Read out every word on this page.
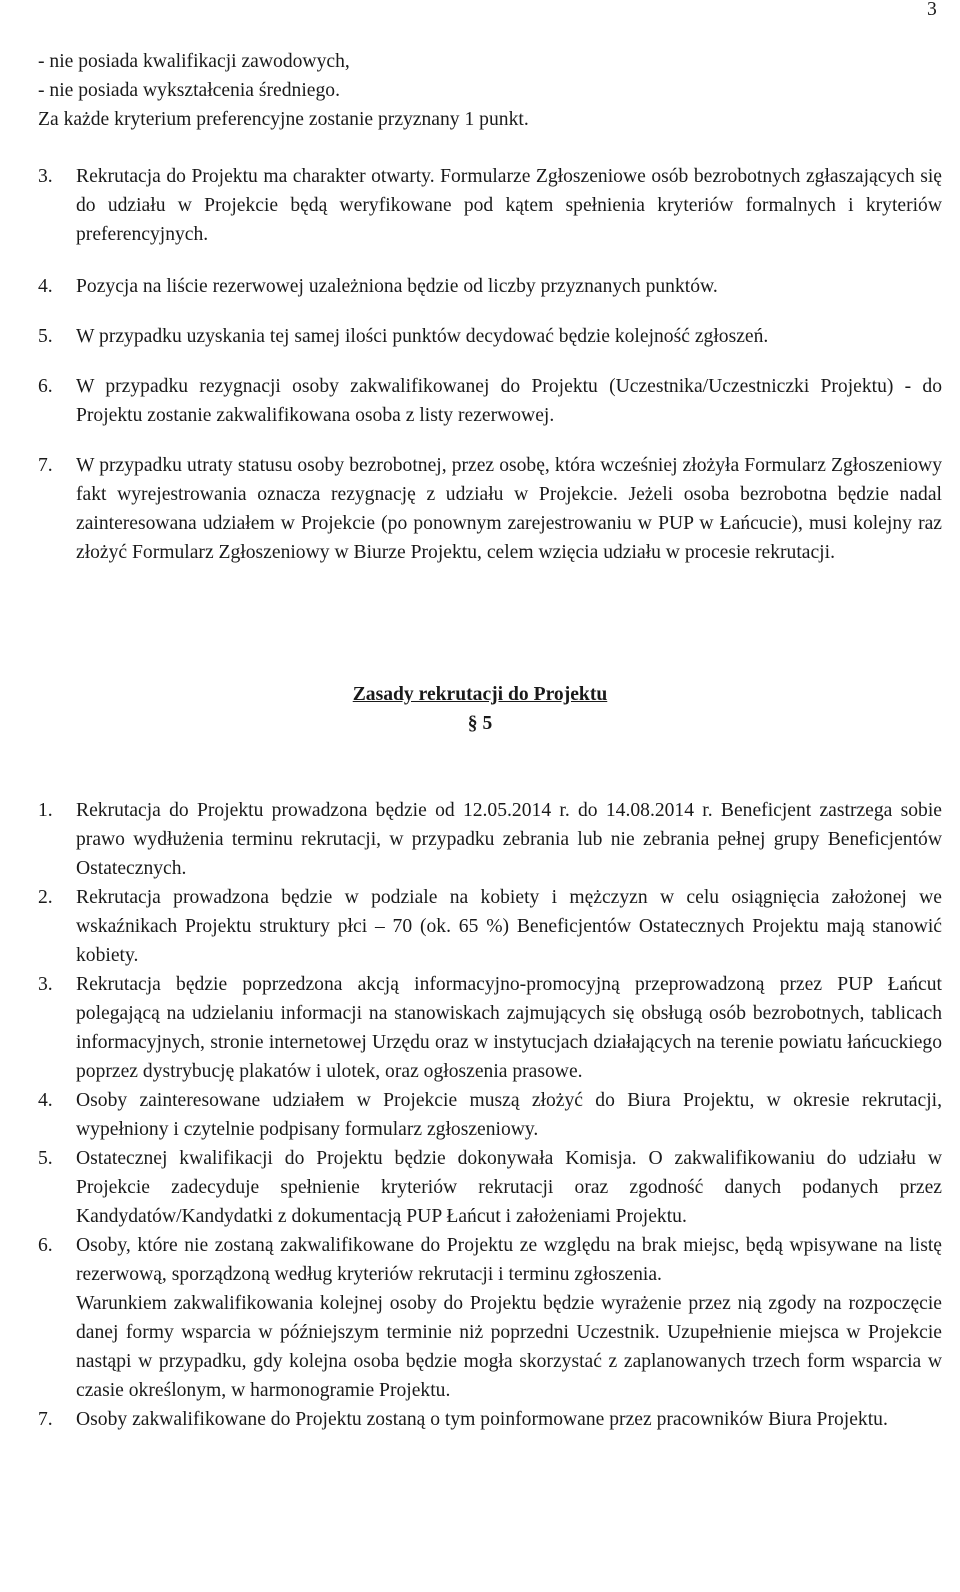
3
- nie posiada kwalifikacji zawodowych,
- nie posiada wykształcenia średniego.
Za każde kryterium preferencyjne zostanie przyznany 1 punkt.
3. Rekrutacja do Projektu ma charakter otwarty. Formularze Zgłoszeniowe osób bezrobotnych zgłaszających się do udziału w Projekcie będą weryfikowane pod kątem spełnienia kryteriów formalnych i kryteriów preferencyjnych.
4. Pozycja na liście rezerwowej uzależniona będzie od liczby przyznanych punktów.
5. W przypadku uzyskania tej samej ilości punktów decydować będzie kolejność zgłoszeń.
6. W przypadku rezygnacji osoby zakwalifikowanej do Projektu (Uczestnika/Uczestniczki Projektu) - do Projektu zostanie zakwalifikowana osoba z listy rezerwowej.
7. W przypadku utraty statusu osoby bezrobotnej, przez osobę, która wcześniej złożyła Formularz Zgłoszeniowy fakt wyrejestrowania oznacza rezygnację z udziału w Projekcie. Jeżeli osoba bezrobotna będzie nadal zainteresowana udziałem w Projekcie (po ponownym zarejestrowaniu w PUP w Łańcucie), musi kolejny raz złożyć Formularz Zgłoszeniowy w Biurze Projektu, celem wzięcia udziału w procesie rekrutacji.
Zasady rekrutacji do Projektu
§ 5
1. Rekrutacja do Projektu prowadzona będzie od 12.05.2014 r. do 14.08.2014 r. Beneficjent zastrzega sobie prawo wydłużenia terminu rekrutacji, w przypadku zebrania lub nie zebrania pełnej grupy Beneficjentów Ostatecznych.
2. Rekrutacja prowadzona będzie w podziale na kobiety i mężczyzn w celu osiągnięcia założonej we wskaźnikach Projektu struktury płci – 70 (ok. 65 %) Beneficjentów Ostatecznych Projektu mają stanowić kobiety.
3. Rekrutacja będzie poprzedzona akcją informacyjno-promocyjną przeprowadzoną przez PUP Łańcut polegającą na udzielaniu informacji na stanowiskach zajmujących się obsługą osób bezrobotnych, tablicach informacyjnych, stronie internetowej Urzędu oraz w instytucjach działających na terenie powiatu łańcuckiego poprzez dystrybucję plakatów i ulotek, oraz ogłoszenia prasowe.
4. Osoby zainteresowane udziałem w Projekcie muszą złożyć do Biura Projektu, w okresie rekrutacji, wypełniony i czytelnie podpisany formularz zgłoszeniowy.
5. Ostatecznej kwalifikacji do Projektu będzie dokonywała Komisja. O zakwalifikowaniu do udziału w Projekcie zadecyduje spełnienie kryteriów rekrutacji oraz zgodność danych podanych przez Kandydatów/Kandydatki z dokumentacją PUP Łańcut i założeniami Projektu.
6. Osoby, które nie zostaną zakwalifikowane do Projektu ze względu na brak miejsc, będą wpisywane na listę rezerwową, sporządzoną według kryteriów rekrutacji i terminu zgłoszenia.
Warunkiem zakwalifikowania kolejnej osoby do Projektu będzie wyrażenie przez nią zgody na rozpoczęcie danej formy wsparcia w późniejszym terminie niż poprzedni Uczestnik. Uzupełnienie miejsca w Projekcie nastąpi w przypadku, gdy kolejna osoba będzie mogła skorzystać z zaplanowanych trzech form wsparcia w czasie określonym, w harmonogramie Projektu.
7. Osoby zakwalifikowane do Projektu zostaną o tym poinformowane przez pracowników Biura Projektu.
